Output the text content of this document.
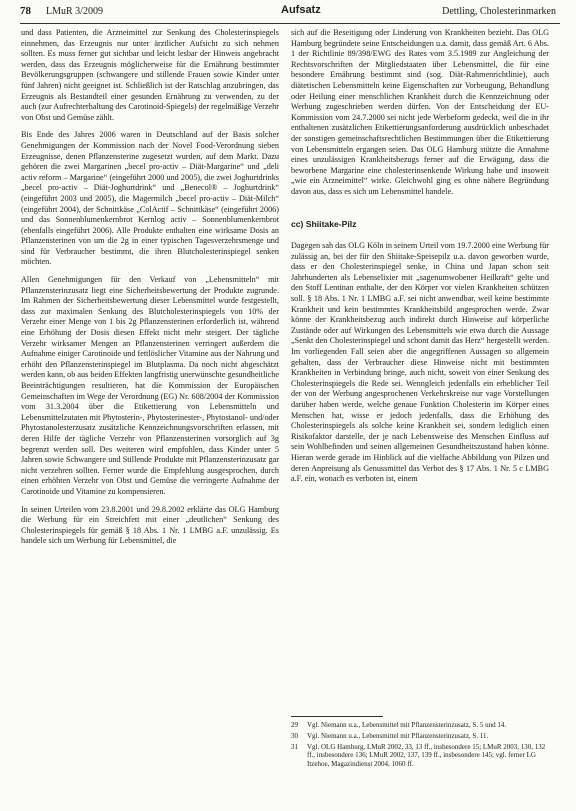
78 LMuR 3/2009	Aufsatz	Dettling, Cholesterinmarken

und dass Patienten, die Arzneimittel zur Senkung des Cholesterinspiegels einnehmen, das Erzeugnis nur unter ärztlicher Aufsicht zu sich nehmen sollten. Es muss ferner gut sichtbar und leicht lesbar der Hinweis angebracht werden, dass das Erzeugnis möglicherweise für die Ernährung bestimmter Bevölkerungsgruppen (schwangere und stillende Frauen sowie Kinder unter fünf Jahren) nicht geeignet ist. Schließlich ist der Ratschlag anzubringen, das Erzeugnis als Bestandteil einer gesunden Ernährung zu verwenden, zu der auch (zur Aufrechterhaltung des Carotinoid-Spiegels) der regelmäßige Verzehr von Obst und Gemüse zählt.

Bis Ende des Jahres 2006 waren in Deutschland auf der Basis solcher Genehmigungen der Kommission nach der Novel Food-Verordnung sieben Erzeugnisse, denen Pflanzensterine zugesetzt wurden, auf dem Markt. Dazu gehören die zwei Margarinen „becel pro-activ – Diät-Margarine“ und „deli activ reform – Margarine“ (eingeführt 2000 und 2005), die zwei Joghurtdrinks „becel pro-activ – Diät-Joghurtdrink“ und „Benecol® – Joghurtdrink“ (eingeführt 2003 und 2005), die Magermilch „becel pro-activ – Diät-Milch“ (eingeführt 2004), der Schnittkäse „ColActif – Schnittkäse“ (eingeführt 2006) und das Sonnenblumenkernbrot Kernlog activ – Sonnenblumenkernbrot (ebenfalls eingeführt 2006). Alle Produkte enthalten eine wirksame Dosis an Pflanzensterinen von um die 2g in einer typischen Tagesverzehrsmenge und sind für Verbraucher bestimmt, die ihren Blutcholesterinspiegel senken möchten.

Allen Genehmigungen für den Verkauf von „Lebensmitteln“ mit Pflanzensterinzusatz liegt eine Sicherheitsbewertung der Produkte zugrunde. Im Rahmen der Sicherheitsbewertung dieser Lebensmittel wurde festgestellt, dass zur maximalen Senkung des Blutcholesterinspiegels von 10% der Verzehr einer Menge von 1 bis 2g Pflanzensterinen erforderlich ist, während eine Erhöhung der Dosis diesen Effekt nicht mehr steigert. Der tägliche Verzehr wirksamer Mengen an Pflanzensterinen verringert außerdem die Aufnahme einiger Carotinoide und fettlöslicher Vitamine aus der Nahrung und erhöht den Pflanzensterinspiegel im Blutplasma. Da noch nicht abgeschätzt werden kann, ob aus beiden Effekten langfristig unerwünschte gesundheitliche Beeinträchtigungen resultieren, hat die Kommission der Europäischen Gemeinschaften im Wege der Verordnung (EG) Nr. 608/2004 der Kommission vom 31.3.2004 über die Etikettierung von Lebensmitteln und Lebensmittelzutaten mit Phytosterin-, Phytosterinester-, Phytostanol- und/oder Phytostanolesterzusatz zusätzliche Kennzeichnungsvorschriften erlassen, mit deren Hilfe der tägliche Verzehr von Pflanzensterinen vorsorglich auf 3g begrenzt werden soll. Des weiteren wird empfohlen, dass Kinder unter 5 Jahren sowie Schwangere und Stillende Produkte mit Pflanzensterinzusatz gar nicht verzehren sollten. Ferner wurde die Empfehlung ausgesprochen, durch einen erhöhten Verzehr von Obst und Gemüse die verringerte Aufnahme der Carotinoide und Vitamine zu kompensieren.

In seinen Urteilen vom 23.8.2001 und 29.8.2002 erklärte das OLG Hamburg die Werbung für ein Streichfett mit einer „deutlichen“ Senkung des Cholesterinspiegels für gemäß § 18 Abs. 1 Nr. 1 LMBG a.F. unzulässig. Es handele sich um Werbung für Lebensmittel, die

sich auf die Beseitigung oder Linderung von Krankheiten bezieht. Das OLG Hamburg begründete seine Entscheidungen u.a. damit, dass gemäß Art. 6 Abs. 1 der Richtlinie 89/398/EWG des Rates vom 3.5.1989 zur Angleichung der Rechtsvorschriften der Mitgliedstaaten über Lebensmittel, die für eine besondere Ernährung bestimmt sind (sog. Diät-Rahmenrichtlinie), auch diätetischen Lebensmitteln keine Eigenschaften zur Vorbeugung, Behandlung oder Heilung einer menschlichen Krankheit durch die Kennzeichnung oder Werbung zugeschrieben werden dürfen. Von der Entscheidung der EU-Kommission vom 24.7.2000 sei nicht jede Werbeform gedeckt, weil die in ihr enthaltenen zusätzlichen Etikettierungsanforderung ausdrücklich unbeschadet der sonstigen gemeinschaftsrechtlichen Bestimmungen über die Etikettierung von Lebensmitteln ergangen seien. Das OLG Hamburg stützte die Annahme eines unzulässigen Krankheitsbezugs ferner auf die Erwägung, dass die beworbene Margarine eine cholesterinsenkende Wirkung habe und insoweit „wie ein Arzneimittel“ wirke. Gleichwohl ging es ohne nähere Begründung davon aus, dass es sich um Lebensmittel handele.

cc) Shiitake-Pilz

Dagegen sah das OLG Köln in seinem Urteil vom 19.7.2000 eine Werbung für zulässig an, bei der für den Shiitake-Speisepilz u.a. davon geworben wurde, dass er den Cholesterinspiegel senke, in China und Japan schon seit Jahrhunderten als Lebenselixier mit „sagenumwobener Heilkraft“ gelte und den Stoff Lentinan enthalte, der den Körper vor vielen Krankheiten schützen soll. § 18 Abs. 1 Nr. 1 LMBG a.F. sei nicht anwendbar, weil keine bestimmte Krankheit und kein bestimmtes Krankheitsbild angesprochen werde. Zwar könne der Krankheitsbezug auch indirekt durch Hinweise auf körperliche Zustände oder auf Wirkungen des Lebensmittels wie etwa durch die Aussage „Senkt den Cholesterinspiegel und schont damit das Herz“ hergestellt werden. Im vorliegenden Fall seien aber die angegriffenen Aussagen so allgemein gehalten, dass der Verbraucher diese Hinweise nicht mit bestimmten Krankheiten in Verbindung bringe, auch nicht, soweit von einer Senkung des Cholesterinspiegels die Rede sei. Wenngleich jedenfalls ein erheblicher Teil der von der Werbung angesprochenen Verkehrskreise nur vage Vorstellungen darüber haben werde, welche genaue Funktion Cholesterin im Körper eines Menschen hat, wisse er jedoch jedenfalls, dass die Erhöhung des Cholesterinspiegels als solche keine Krankheit sei, sondern lediglich einen Risikofaktor darstelle, der je nach Lebensweise des Menschen Einfluss auf sein Wohlbefinden und seinen allgemeinen Gesundheitszustand haben könne. Hieran werde gerade im Hinblick auf die vielfache Abbildung von Pilzen und deren Anpreisung als Genussmittel das Verbot des § 17 Abs. 1 Nr. 5 c LMBG a.F. ein, wonach es verboten ist, einem

29	Vgl. Niemann u.a., Lebensmittel mit Pflanzensterinzusatz, S. 5 und 14.
30	Vgl. Niemann u.a., Lebensmittel mit Pflanzensterinzusatz, S. 11.
31	Vgl. OLG Hamburg, LMuR 2002, 33, 13 ff., insbesondere 15; LMuR 2003, 130, 132 ff., insbesondere 136; LMuR 2002, 137, 139 ff., insbesondere 145; vgl. ferner LG Itzehoe, Magazindienst 2004, 1060 ff.
